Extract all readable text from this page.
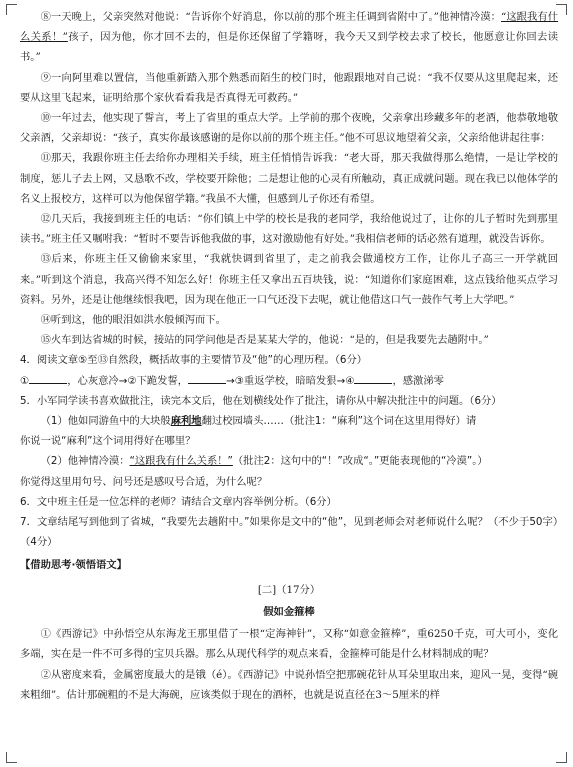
⑧一天晚上，父亲突然对他说：“告诉你个好消息，你以前的那个班主任调到省附中了。”他神情冷漠：“这跟我有什么关系！”孩子，因为他，你才回不去的，但是你还保留了学籍呀，我今天又到学校去求了校长，他愿意让你回去读书。”

⑨一向阿里难以置信，当他重新踏入那个熟悉而陌生的校门时，他跟跟地对自己说：“我不仅要从这里爬起来，还要从这里飞起来，证明给那个家伙看看我是否真得无可救药。”

⑩一年过去，他实现了誓言，考上了省里的重点大学。上学前的那个夜晚，父亲拿出珍藏多年的老酒，他恭敬地敬父亲酒，父亲却说：“孩子，真实你最该感谢的是你以前的那个班主任。”他不可思议地望着父亲，父亲给他讲起往事：

⑪那天，我跟你班主任去给你办理相关手续，班主任悄悄告诉我：“老大哥，那天我做得那么绝情，一是让学校的制度，惩儿子去上网，又恳歌不改，学校要开除他；二是想让他的心灵有所触动，真正成就问题。现在我已以他体学的名义上报校方，这样可以为他保留学籍。”我虽不大懂，但感到儿子你还有希望。

⑫几天后，我接到班主任的电话：“你们镇上中学的校长是我的老同学，我给他说过了，让你的儿子暂时先到那里读书。”班主任又嘱咐我：“暂时不要告诉他我做的事，这对激励他有好处。”我相信老师的话必然有道理，就没告诉你。

⑬后来，你班主任又偷偷来家里，“我就快调到省里了，走之前我会做通校方工作，让你儿子高三一开学就回来。”听到这个消息，我高兴得不知怎么好！你班主任又拿出五百块钱，说：“知道你们家庭困难，这点钱给他买点学习资料。另外，还是让他继续恨我吧，因为现在他正一口气还没下去呢，就让他借这口气一鼓作气考上大学吧。”

⑭听到这，他的眼泪如洪水般倾泻而下。

⑮火车到达省城的时候，接站的同学问他是否是某某大学的，他说：“是的，但是我要先去趟附中。”

4．阅读文章⑤至⑬自然段，概括故事的主要情节及“他”的心理历程。（6分）

①	，心灰意冷→②下跪发誓，	→③重返学校，暗暗发狠→④	，感激涕零

5．小军同学读书喜欢做批注，读完本文后，他在划横线处作了批注，请你从中解决批注中的问题。（6分）

（1）他如同游鱼中的大块般麻利地翻过校园墙头……（批注1：“麻利”这个词在这里用得好）请

你说一说“麻利”这个词用得好在哪里？

（2）他神情冷漠：“这跟我有什么关系！”（批注2：这句中的“！”改成“。”更能表现他的“冷漠”。）

你觉得这里用句号、问号还是感叹号合适，为什么呢？

6．文中班主任是一位怎样的老师？请结合文章内容举例分析。（6分）

7．文章结尾写到他到了省城，“我要先去趟附中。”如果你是文中的“他”，见到老师会对老师说什么呢？（不少于50字）（4分）

【借助思考·领悟语文】

[二]（17分）

假如金箍棒

①《西游记》中孙悟空从东海龙王那里借了一根“定海神针”，又称“如意金箍棒”，重6250千克，可大可小，变化多端，实在是一件不可多得的宝贝兵器。那么从现代科学的观点来看，金箍棒可能是什么材料制成的呢？

②从密度来看，金属密度最大的是锇（é）。《西游记》中说孙悟空把那碗花针从耳朵里取出来，迎风一晃，变得“碗来粗细”。估计那碗粗的不是大海碗，应该类似于现在的酒杯，也就是说直径在3～5厘米的样
